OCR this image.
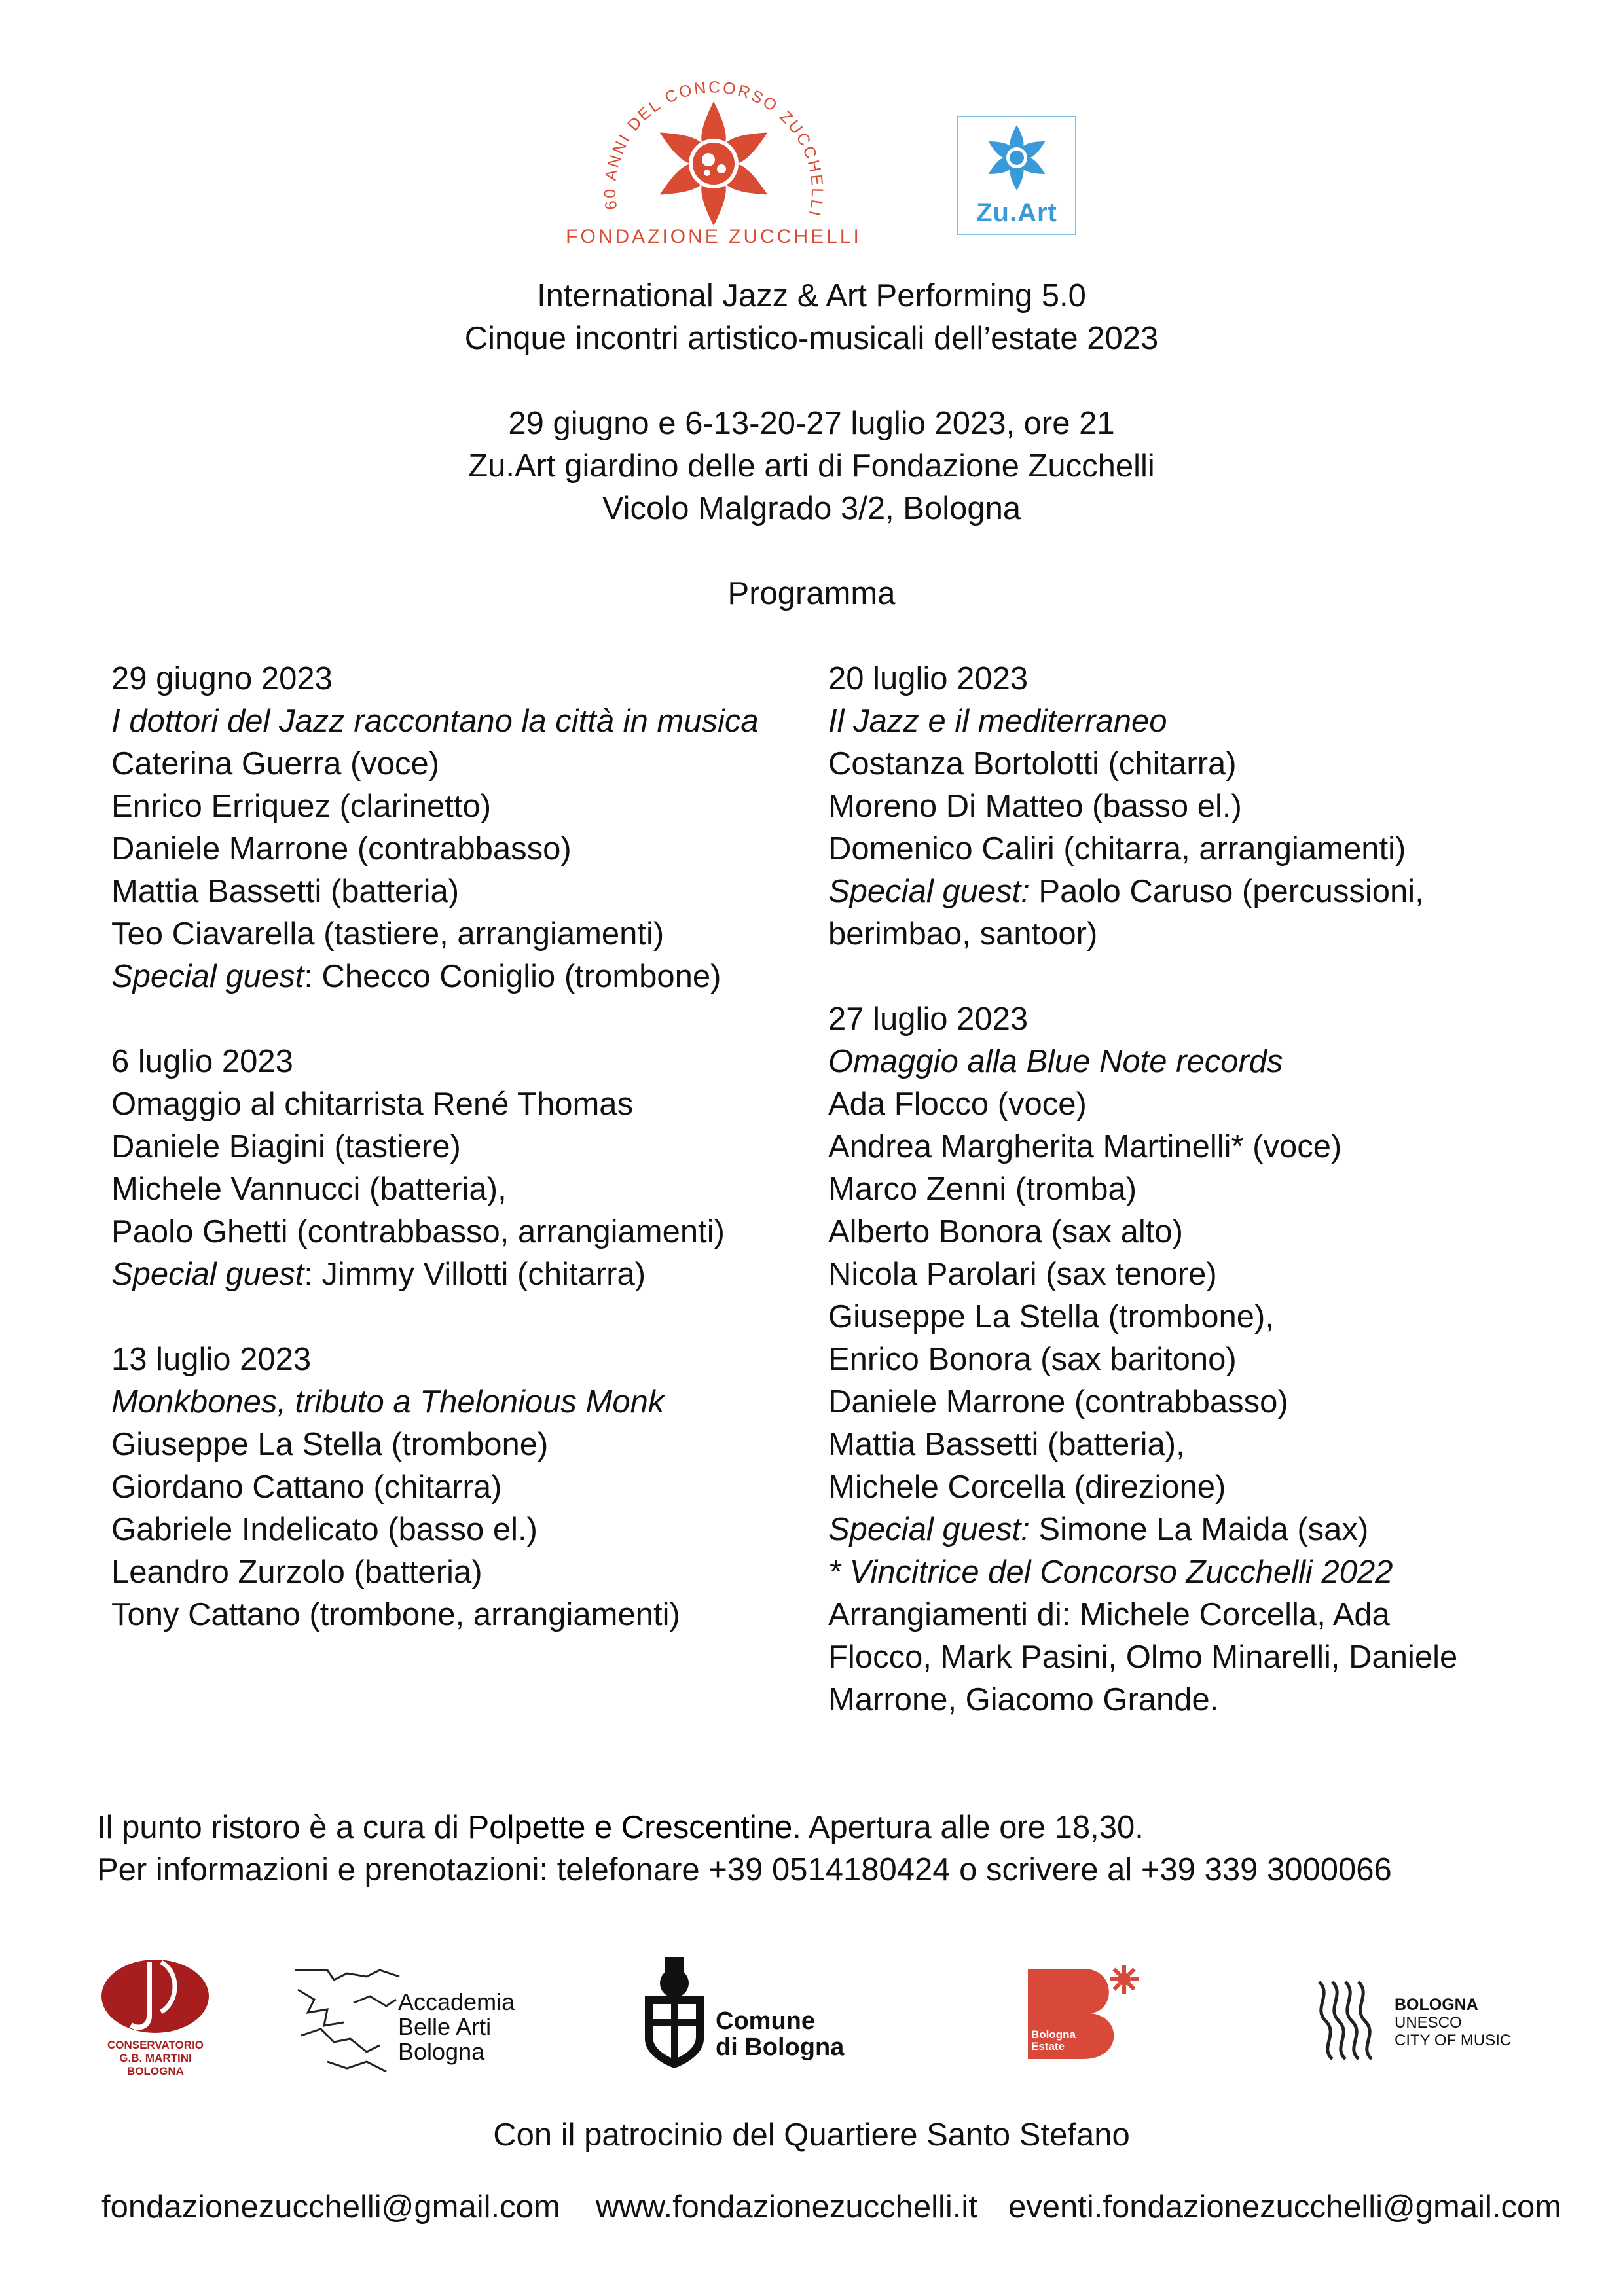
60 ANNI DEL CONCORSO ZUCCHELLI
FONDAZIONE ZUCCHELLI
Zu.Art
International Jazz & Art Performing 5.0
Cinque incontri artistico-musicali dell’estate 2023
29 giugno e 6-13-20-27 luglio 2023, ore 21
Zu.Art giardino delle arti di Fondazione Zucchelli
Vicolo Malgrado 3/2, Bologna
Programma
29 giugno 2023
I dottori del Jazz raccontano la città in musica
Caterina Guerra (voce)
Enrico Erriquez (clarinetto)
Daniele Marrone (contrabbasso)
Mattia Bassetti (batteria)
Teo Ciavarella (tastiere, arrangiamenti)
Special guest: Checco Coniglio (trombone)
6 luglio 2023
Omaggio al chitarrista René Thomas
Daniele Biagini (tastiere)
Michele Vannucci (batteria),
Paolo Ghetti (contrabbasso, arrangiamenti)
Special guest: Jimmy Villotti (chitarra)
13 luglio 2023
Monkbones, tributo a Thelonious Monk
Giuseppe La Stella (trombone)
Giordano Cattano (chitarra)
Gabriele Indelicato (basso el.)
Leandro Zurzolo (batteria)
Tony Cattano (trombone, arrangiamenti)
20 luglio 2023
Il Jazz e il mediterraneo
Costanza Bortolotti (chitarra)
Moreno Di Matteo (basso el.)
Domenico Caliri (chitarra, arrangiamenti)
Special guest: Paolo Caruso (percussioni,
berimbao, santoor)
27 luglio 2023
Omaggio alla Blue Note records
Ada Flocco (voce)
Andrea Margherita Martinelli* (voce)
Marco Zenni (tromba)
Alberto Bonora (sax alto)
Nicola Parolari (sax tenore)
Giuseppe La Stella (trombone),
Enrico Bonora (sax baritono)
Daniele Marrone (contrabbasso)
Mattia Bassetti (batteria),
Michele Corcella (direzione)
Special guest: Simone La Maida (sax)
* Vincitrice del Concorso Zucchelli 2022
Arrangiamenti di: Michele Corcella, Ada
Flocco, Mark Pasini, Olmo Minarelli, Daniele
Marrone, Giacomo Grande.
Il punto ristoro è a cura di Polpette e Crescentine. Apertura alle ore 18,30.
Per informazioni e prenotazioni: telefonare +39 0514180424 o scrivere al +39 339 3000066
CONSERVATORIO
G.B. MARTINI
BOLOGNA
Accademia
Belle Arti
Bologna
Comune
di Bologna	Bologna
Estate
BOLOGNA
UNESCO
CITY OF MUSIC
Con il patrocinio del Quartiere Santo Stefano
fondazionezucchelli@gmail.com www.fondazionezucchelli.it eventi.fondazionezucchelli@gmail.com
